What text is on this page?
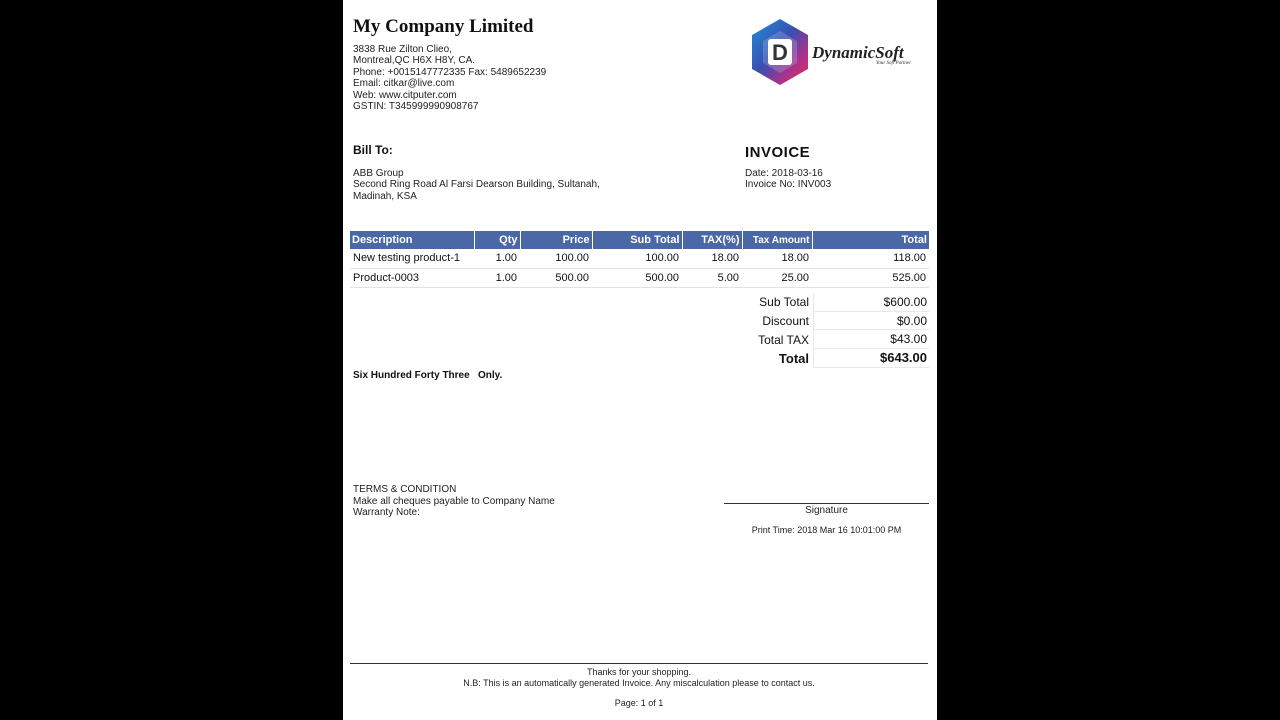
My Company Limited
3838 Rue Zilton Clieo,
Montreal,QC H6X H8Y, CA.
Phone: +0015147772335 Fax: 5489652239
Email: citkar@live.com
Web: www.citputer.com
GSTIN: T345999990908767
D DynamicSoft
Your Soft Partner
Bill To:
ABB Group
Second Ring Road Al Farsi Dearson Building, Sultanah,
Madinah, KSA
INVOICE
Date: 2018-03-16
Invoice No: INV003
Description	Qty	Price	Sub Total	TAX(%)	Tax Amount	Total
New testing product-1	1.00	100.00	100.00	18.00	18.00	118.00
Product-0003	1.00	500.00	500.00	5.00	25.00	525.00
Sub Total	$600.00
Discount	$0.00
Total TAX	$43.00
Total	$643.00
Six Hundred Forty Three   Only.
TERMS & CONDITION
Make all cheques payable to Company Name
Warranty Note:	Signature
Print Time: 2018 Mar 16 10:01:00 PM
Thanks for your shopping.
N.B: This is an automatically generated Invoice. Any miscalculation please to contact us.
Page: 1 of 1
